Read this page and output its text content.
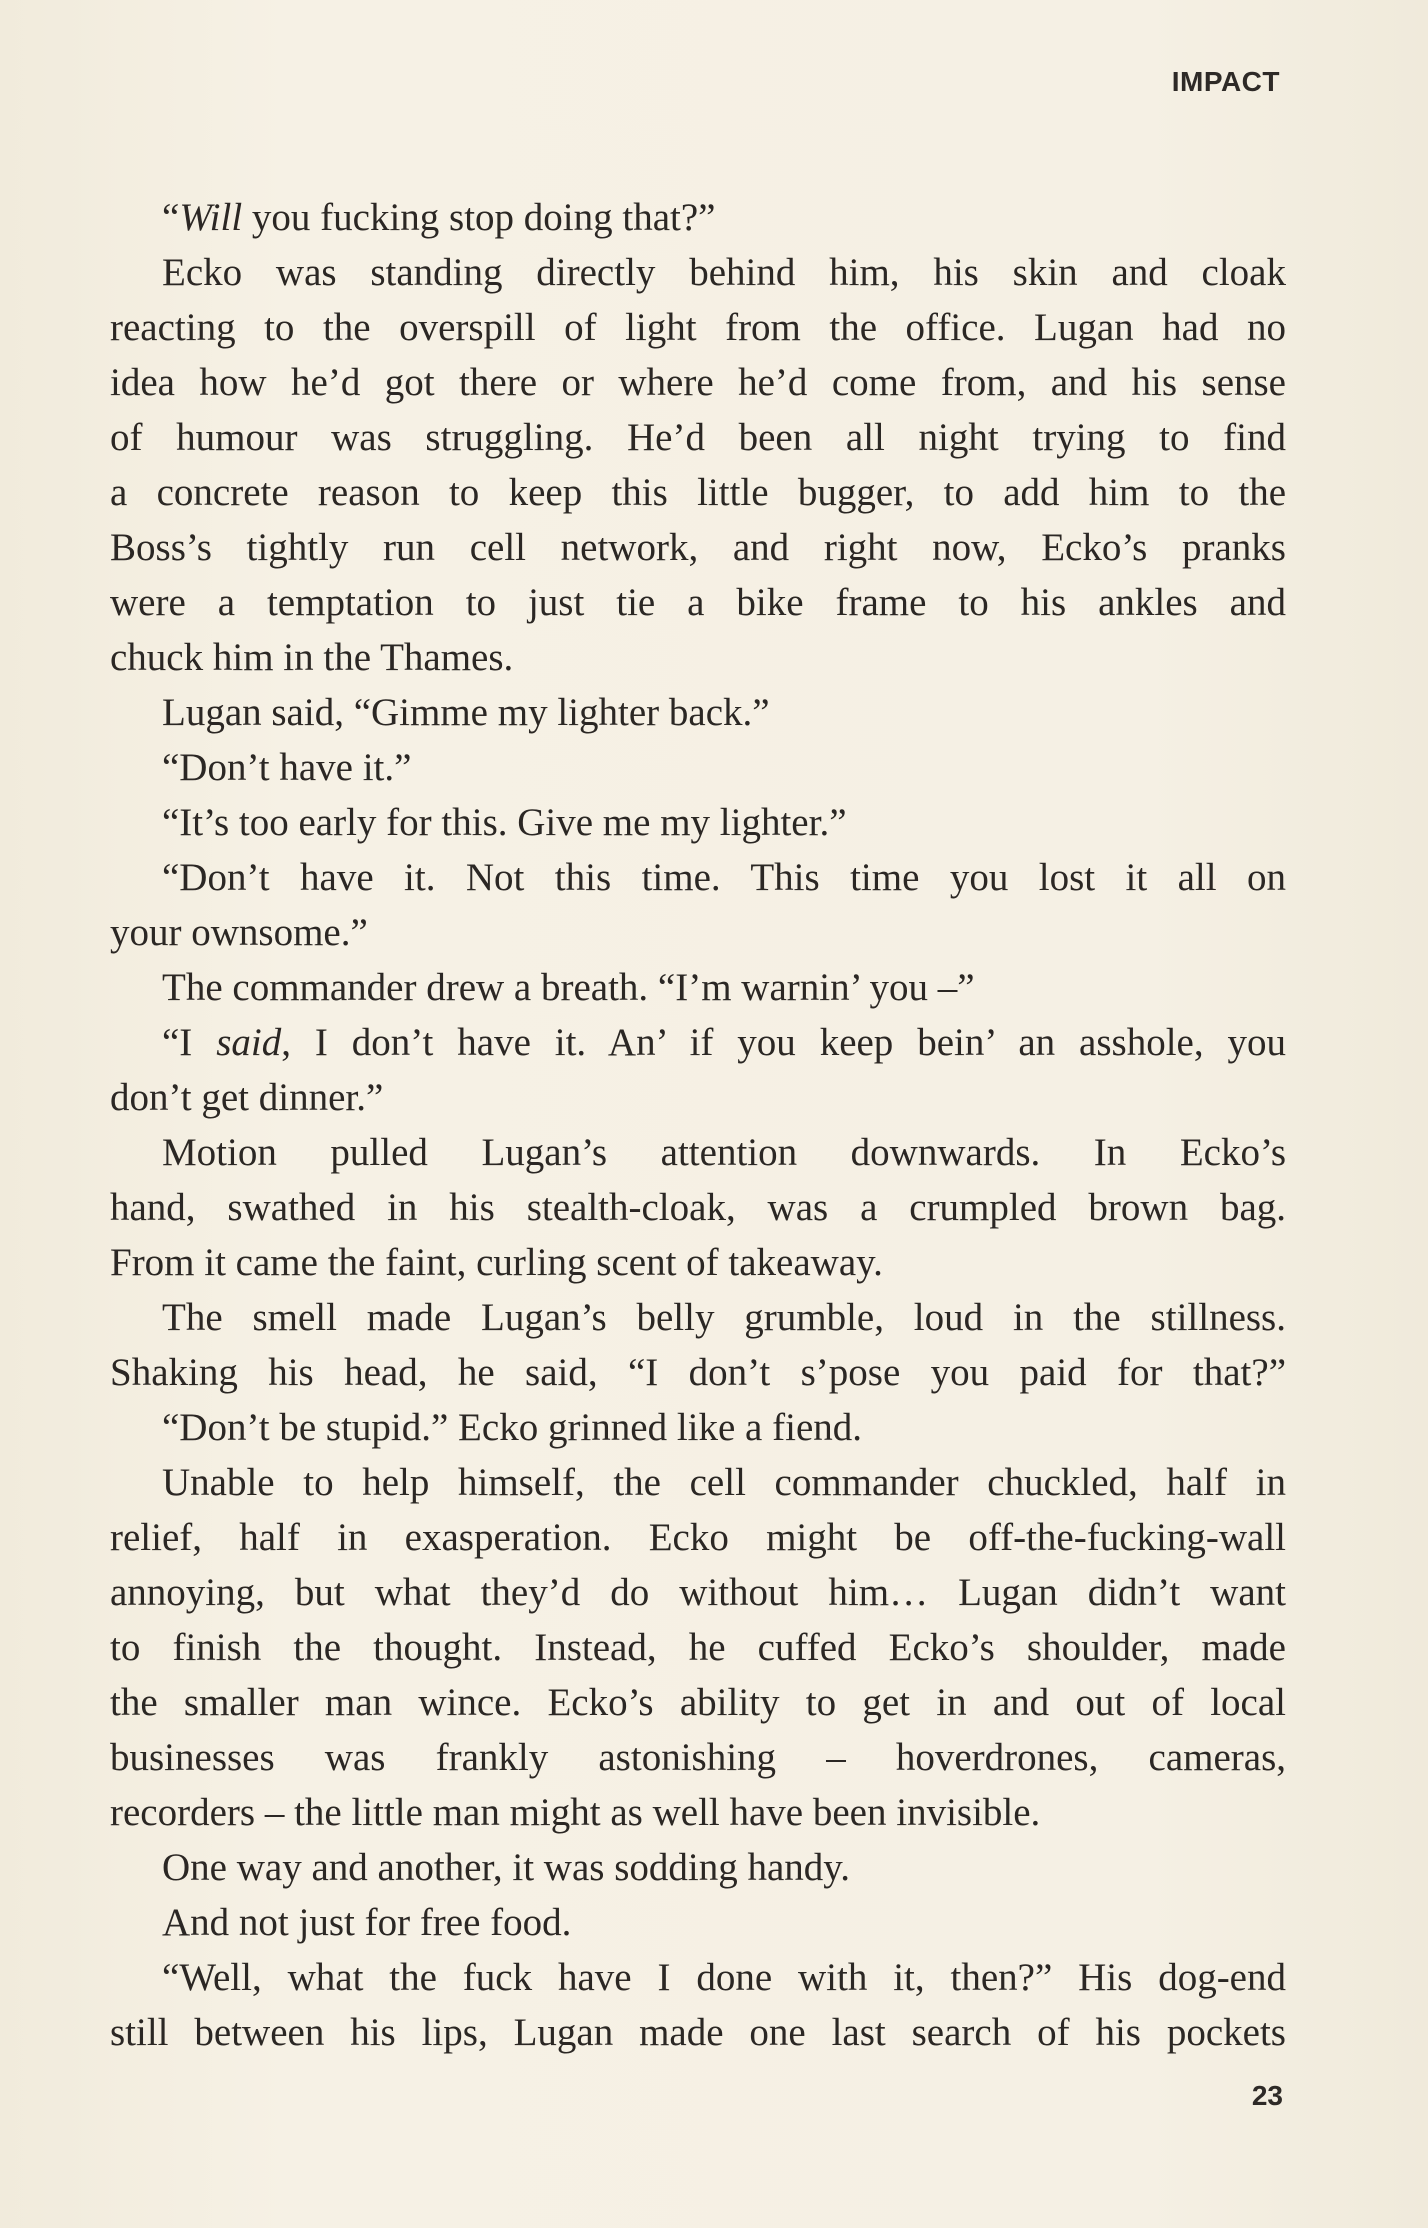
IMPACT
“Will you fucking stop doing that?”
Ecko was standing directly behind him, his skin and cloak
reacting to the overspill of light from the office. Lugan had no
idea how he’d got there or where he’d come from, and his sense
of humour was struggling. He’d been all night trying to find
a concrete reason to keep this little bugger, to add him to the
Boss’s tightly run cell network, and right now, Ecko’s pranks
were a temptation to just tie a bike frame to his ankles and
chuck him in the Thames.
Lugan said, “Gimme my lighter back.”
“Don’t have it.”
“It’s too early for this. Give me my lighter.”
“Don’t have it. Not this time. This time you lost it all on
your ownsome.”
The commander drew a breath. “I’m warnin’ you –”
“I said, I don’t have it. An’ if you keep bein’ an asshole, you
don’t get dinner.”
Motion pulled Lugan’s attention downwards. In Ecko’s
hand, swathed in his stealth-cloak, was a crumpled brown bag.
From it came the faint, curling scent of takeaway.
The smell made Lugan’s belly grumble, loud in the stillness.
Shaking his head, he said, “I don’t s’pose you paid for that?”
“Don’t be stupid.” Ecko grinned like a fiend.
Unable to help himself, the cell commander chuckled, half in
relief, half in exasperation. Ecko might be off-the-fucking-wall
annoying, but what they’d do without him… Lugan didn’t want
to finish the thought. Instead, he cuffed Ecko’s shoulder, made
the smaller man wince. Ecko’s ability to get in and out of local
businesses was frankly astonishing – hoverdrones, cameras,
recorders – the little man might as well have been invisible.
One way and another, it was sodding handy.
And not just for free food.
“Well, what the fuck have I done with it, then?” His dog-end
still between his lips, Lugan made one last search of his pockets
23
